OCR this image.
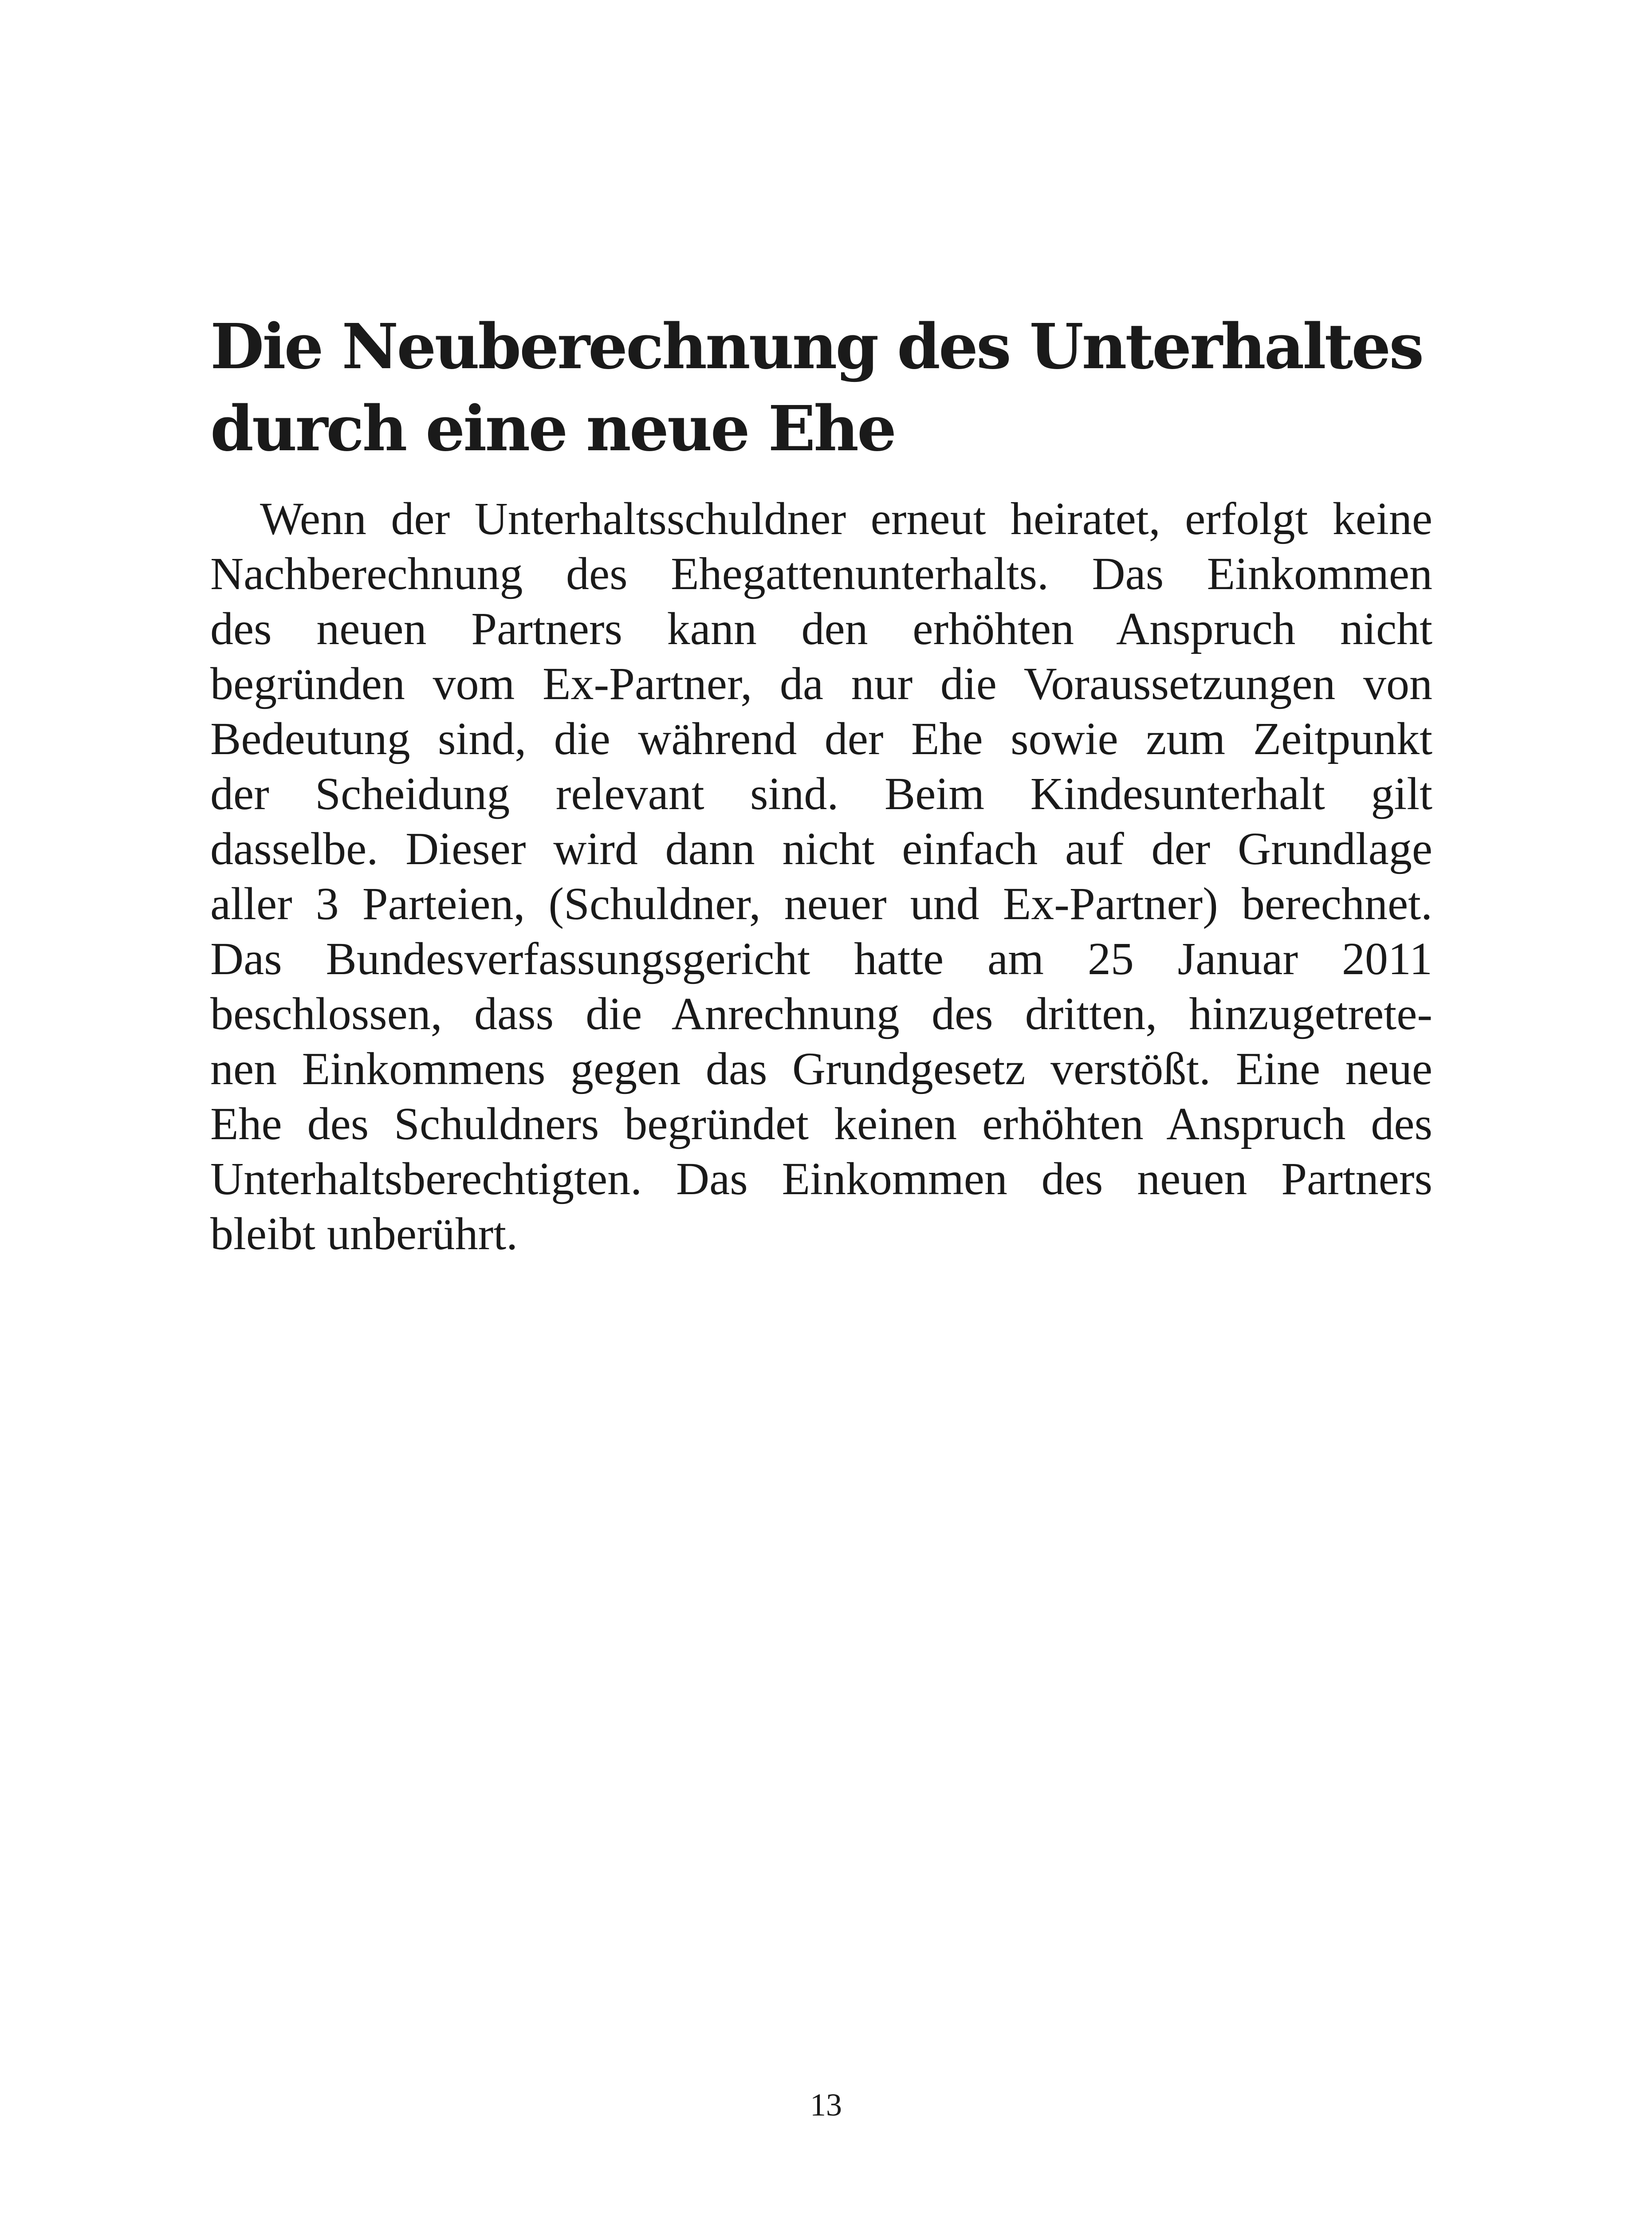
Die Neuberechnung des Unterhaltes
durch eine neue Ehe
Wenn der Unterhaltsschuldner erneut heiratet, erfolgt keine
Nachberechnung des Ehegattenunterhalts. Das Einkommen
des neuen Partners kann den erhöhten Anspruch nicht
begründen vom Ex-Partner, da nur die Voraussetzungen von
Bedeutung sind, die während der Ehe sowie zum Zeitpunkt
der Scheidung relevant sind. Beim Kindesunterhalt gilt
dasselbe. Dieser wird dann nicht einfach auf der Grundlage
aller 3 Parteien, (Schuldner, neuer und Ex-Partner) berechnet.
Das Bundesverfassungsgericht hatte am 25 Januar 2011
beschlossen, dass die Anrechnung des dritten, hinzugetrete-
nen Einkommens gegen das Grundgesetz verstößt. Eine neue
Ehe des Schuldners begründet keinen erhöhten Anspruch des
Unterhaltsberechtigten. Das Einkommen des neuen Partners
bleibt unberührt.
13
